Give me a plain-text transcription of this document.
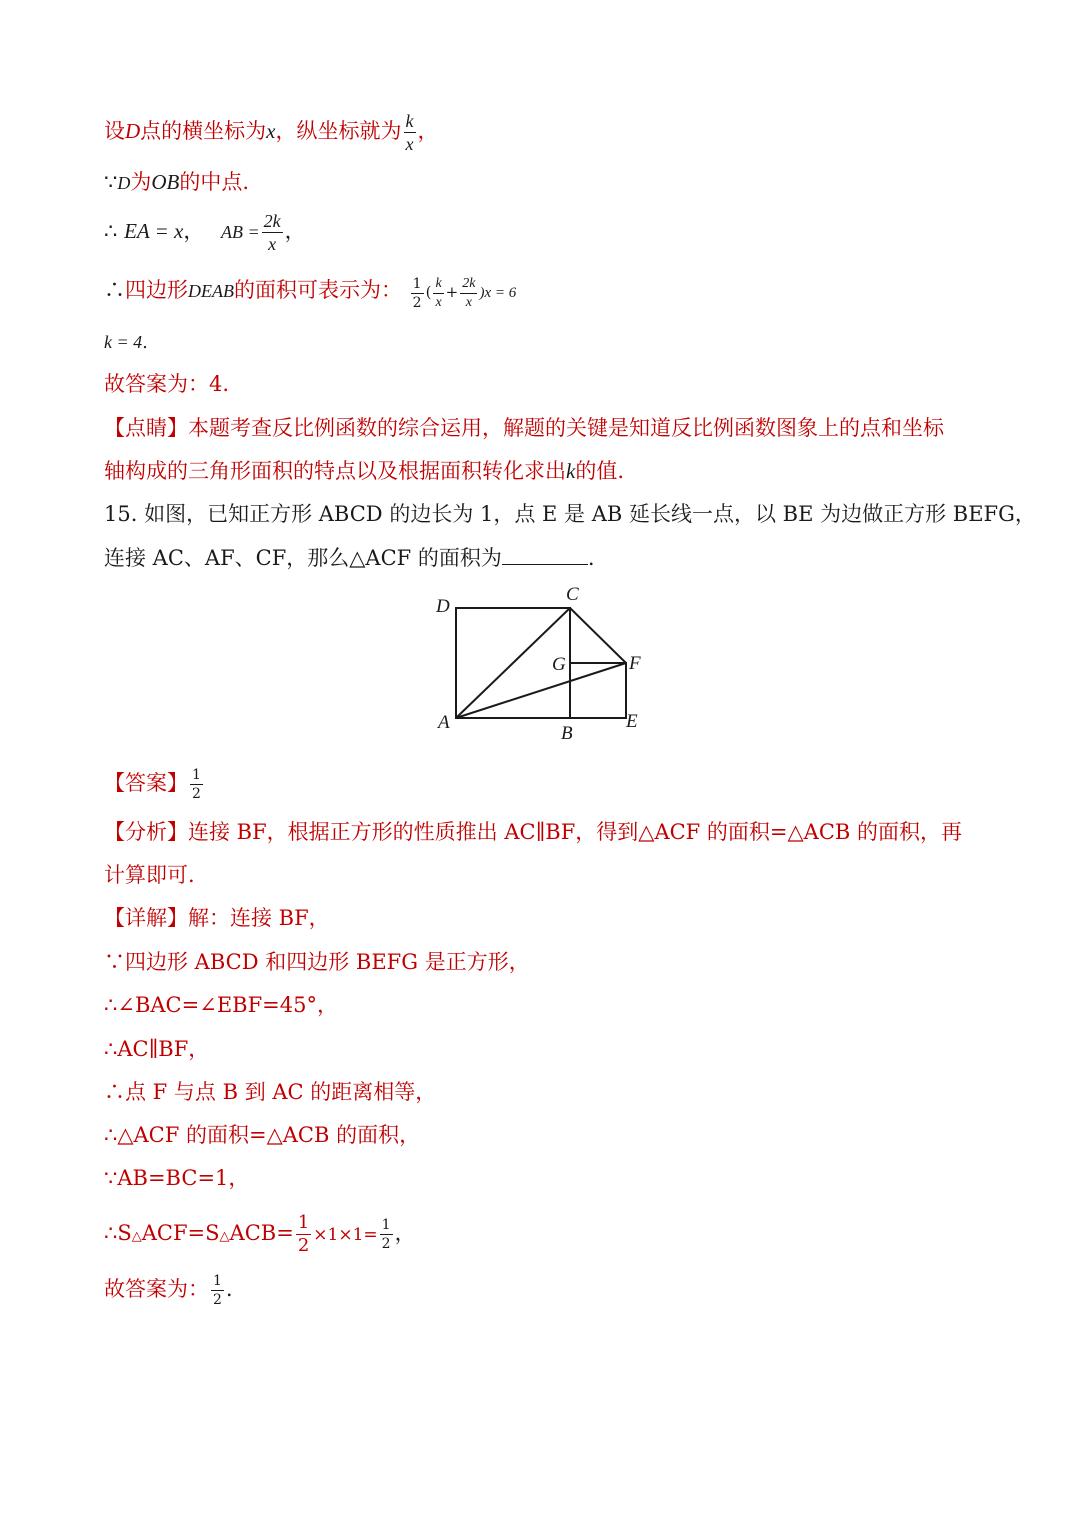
设D点的横坐标为x，纵坐标就为 $\frac{k}{x}$ ，
∵D为OB的中点.
∴ EA = x， AB = $\frac{2k}{x}$ ，
∴四边形DEAB的面积可表示为： $\frac{1}{2}$ ( $\frac{k}{x} + \frac{2k}{x} )x = 6$
k = 4.
故答案为：4.
【点睛】本题考查反比例函数的综合运用，解题的关键是知道反比例函数图象上的点和坐标
轴构成的三角形面积的特点以及根据面积转化求出k的值.
15. 如图，已知正方形 ABCD 的边长为 1，点 E 是 AB 延长线一点，以 BE 为边做正方形 BEFG，
连接 AC、AF、CF，那么△ACF 的面积为	.
D
C
G	F
A
B
E
【答案】 $\frac{1}{2}$
【分析】连接 BF，根据正方形的性质推出 AC∥BF，得到△ACF 的面积=△ACB 的面积，再
计算即可.
【详解】解：连接 BF，
∵四边形 ABCD 和四边形 BEFG 是正方形，
∴∠BAC=∠EBF=45°，
∴AC∥BF，
∴点 F 与点 B 到 AC 的距离相等，
∴△ACF 的面积=△ACB 的面积，
∵AB=BC=1，
∴S△ACF=S△ACB= $\frac{1}{2} \times 1\times 1= \frac{1}{2}$ ，
故答案为： $\frac{1}{2}$ .
